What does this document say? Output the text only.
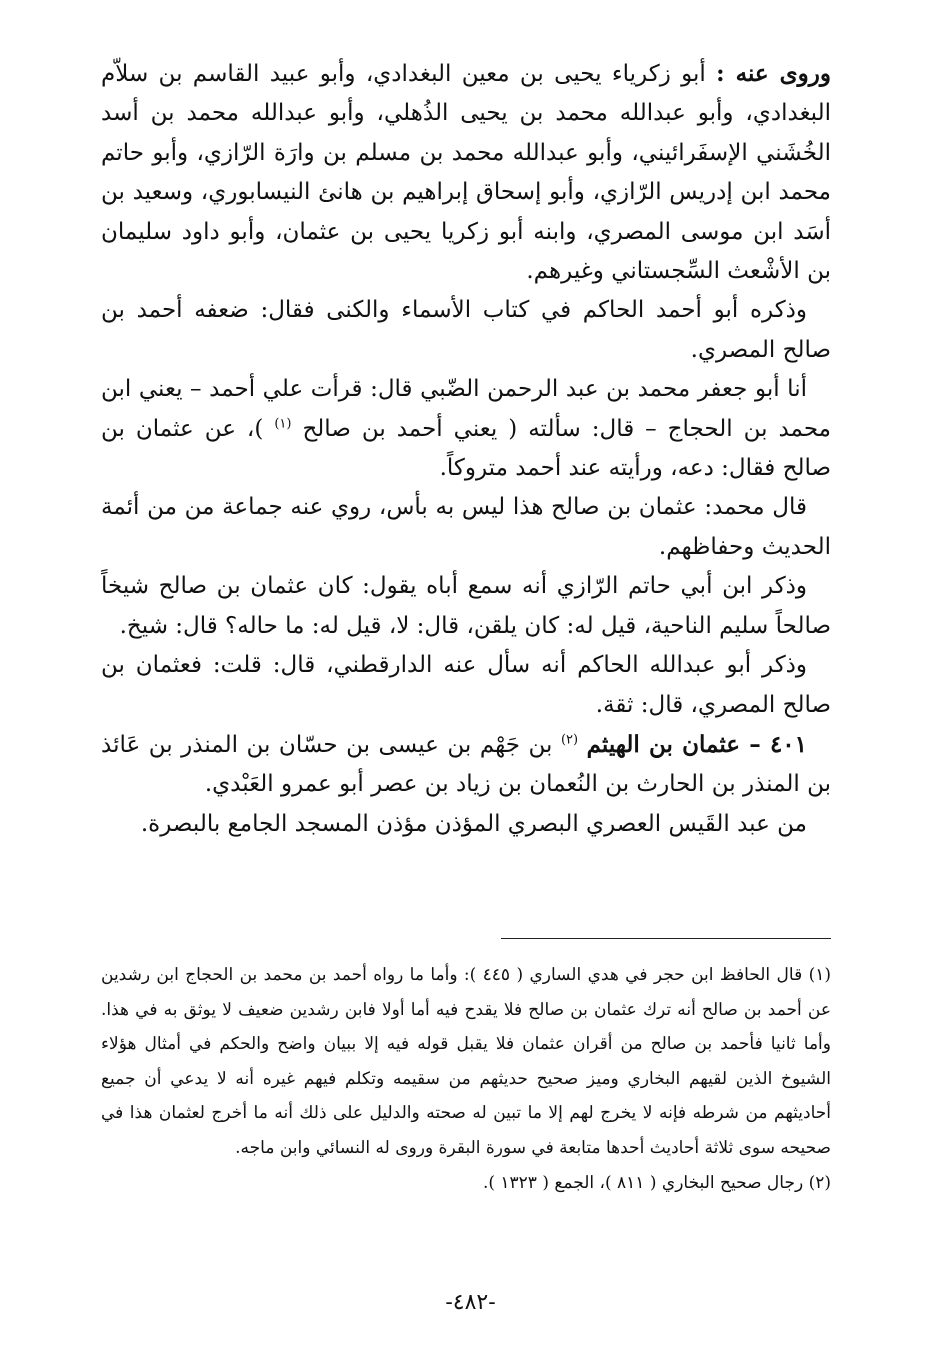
وروى عنه : أبو زكرياء يحيى بن معين البغدادي، وأبو عبيد القاسم بن سلاّم البغدادي، وأبو عبدالله محمد بن يحيى الذُهلي، وأبو عبدالله محمد بن أسد الخُشَني الإسفَرائيني، وأبو عبدالله محمد بن مسلم بن وارَة الرّازي، وأبو حاتم محمد ابن إدريس الرّازي، وأبو إسحاق إبراهيم بن هانئ النيسابوري، وسعيد بن أسَد ابن موسى المصري، وابنه أبو زكريا يحيى بن عثمان، وأبو داود سليمان بن الأشْعث السِّجستاني وغيرهم.

وذكره أبو أحمد الحاكم في كتاب الأسماء والكنى فقال: ضعفه أحمد بن صالح المصري.

أنا أبو جعفر محمد بن عبد الرحمن الضّبي قال: قرأت علي أحمد – يعني ابن محمد بن الحجاج – قال: سألته ( يعني أحمد بن صالح $^{(١)}$ )، عن عثمان بن صالح فقال: دعه، ورأيته عند أحمد متروكاً.

قال محمد: عثمان بن صالح هذا ليس به بأس، روي عنه جماعة من من أئمة الحديث وحفاظهم.

وذكر ابن أبي حاتم الرّازي أنه سمع أباه يقول: كان عثمان بن صالح شيخاً صالحاً سليم الناحية، قيل له: كان يلقن، قال: لا، قيل له: ما حاله؟ قال: شيخ.

وذكر أبو عبدالله الحاكم أنه سأل عنه الدارقطني، قال: قلت: فعثمان بن صالح المصري، قال: ثقة.

٤٠١ – عثمان بن الهيثم $^{(٢)}$ بن جَهْم بن عيسى بن حسّان بن المنذر بن عَائذ بن المنذر بن الحارث بن النُعمان بن زياد بن عصر أبو عمرو العَبْدي.

من عبد القَيس العصري البصري المؤذن مؤذن المسجد الجامع بالبصرة.

(١) قال الحافظ ابن حجر في هدي الساري ( ٤٤٥ ): وأما ما رواه أحمد بن محمد بن الحجاج ابن رشدين عن أحمد بن صالح أنه ترك عثمان بن صالح فلا يقدح فيه أما أولا فابن رشدين ضعيف لا يوثق به في هذا. وأما ثانيا فأحمد بن صالح من أقران عثمان فلا يقبل قوله فيه إلا ببيان واضح والحكم في أمثال هؤلاء الشيوخ الذين لقيهم البخاري وميز صحيح حديثهم من سقيمه وتكلم فيهم غيره أنه لا يدعي أن جميع أحاديثهم من شرطه فإنه لا يخرج لهم إلا ما تبين له صحته والدليل على ذلك أنه ما أخرج لعثمان هذا في صحيحه سوى ثلاثة أحاديث أحدها متابعة في سورة البقرة وروى له النسائي وابن ماجه.

(٢) رجال صحيح البخاري ( ٨١١ )، الجمع ( ١٣٢٣ ).

-٤٨٢-
